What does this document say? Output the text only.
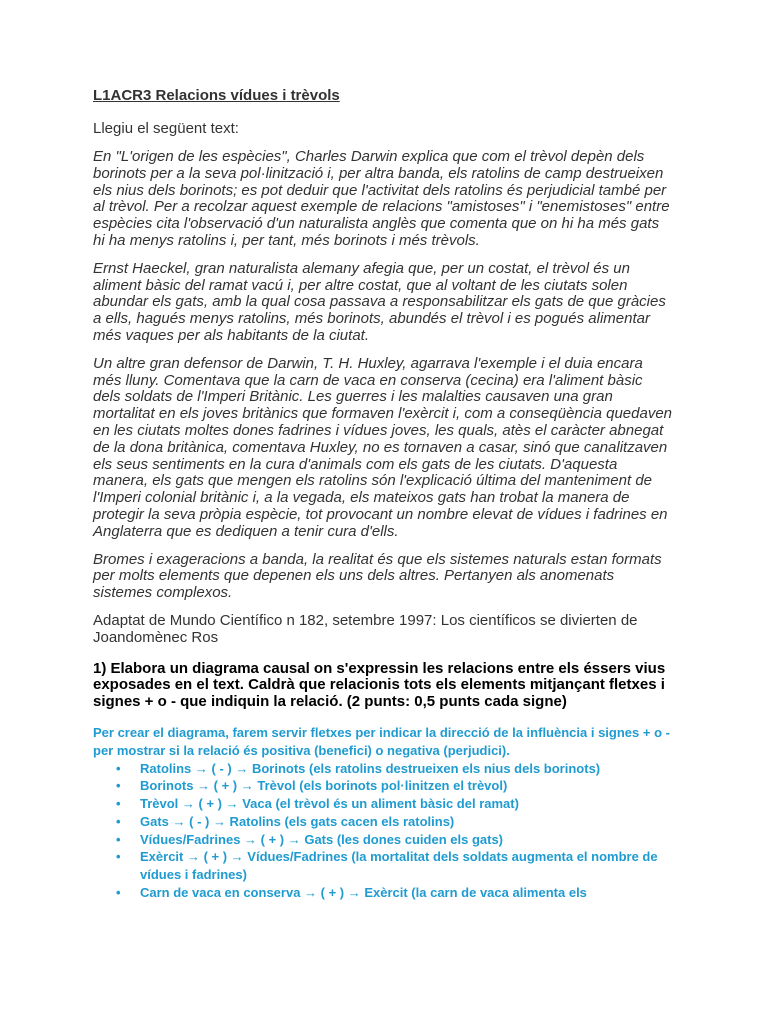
L1ACR3 Relacions vídues i trèvols
Llegiu el següent text:

En "L'origen de les espècies", Charles Darwin explica que com el trèvol depèn dels borinots per a la seva pol·linització i, per altra banda, els ratolins de camp destrueixen els nius dels borinots; es pot deduir que l'activitat dels ratolins és perjudicial també per al trèvol. Per a recolzar aquest exemple de relacions "amistoses" i "enemistoses" entre espècies cita l'observació d'un naturalista anglès que comenta que on hi ha més gats hi ha menys ratolins i, per tant, més borinots i més trèvols.

Ernst Haeckel, gran naturalista alemany afegia que, per un costat, el trèvol és un aliment bàsic del ramat vacú i, per altre costat, que al voltant de les ciutats solen abundar els gats, amb la qual cosa passava a responsabilitzar els gats de que gràcies a ells, hagués menys ratolins, més borinots, abundés el trèvol i es pogués alimentar més vaques per als habitants de la ciutat.

Un altre gran defensor de Darwin, T. H. Huxley, agarrava l'exemple i el duia encara més lluny. Comentava que la carn de vaca en conserva (cecina) era l'aliment bàsic dels soldats de l'Imperi Britànic. Les guerres i les malalties causaven una gran mortalitat en els joves britànics que formaven l'exèrcit i, com a conseqüència quedaven en les ciutats moltes dones fadrines i vídues joves, les quals, atès el caràcter abnegat de la dona britànica, comentava Huxley, no es tornaven a casar, sinó que canalitzaven els seus sentiments en la cura d'animals com els gats de les ciutats. D'aquesta manera, els gats que mengen els ratolins són l'explicació última del manteniment de l'Imperi colonial britànic i, a la vegada, els mateixos gats han trobat la manera de protegir la seva pròpia espècie, tot provocant un nombre elevat de vídues i fadrines en Anglaterra que es dediquen a tenir cura d'ells.

Bromes i exageracions a banda, la realitat és que els sistemes naturals estan formats per molts elements que depenen els uns dels altres. Pertanyen als anomenats sistemes complexos.

Adaptat de Mundo Científico n 182, setembre 1997: Los científicos se divierten de Joandomènec Ros

1) Elabora un diagrama causal on s'expressin les relacions entre els éssers vius exposades en el text. Caldrà que relacionis tots els elements mitjançant fletxes i signes + o - que indiquin la relació. (2 punts: 0,5 punts cada signe)

Per crear el diagrama, farem servir fletxes per indicar la direcció de la influència i signes + o - per mostrar si la relació és positiva (benefici) o negativa (perjudici).

• Ratolins → ( - ) → Borinots (els ratolins destrueixen els nius dels borinots)
• Borinots → ( + ) → Trèvol (els borinots pol·linitzen el trèvol)
• Trèvol → ( + ) → Vaca (el trèvol és un aliment bàsic del ramat)
• Gats → ( - ) → Ratolins (els gats cacen els ratolins)
• Vídues/Fadrines → ( + ) → Gats (les dones cuiden els gats)
• Exèrcit → ( + ) → Vídues/Fadrines (la mortalitat dels soldats augmenta el nombre de vídues i fadrines)
• Carn de vaca en conserva → ( + ) → Exèrcit (la carn de vaca alimenta els
